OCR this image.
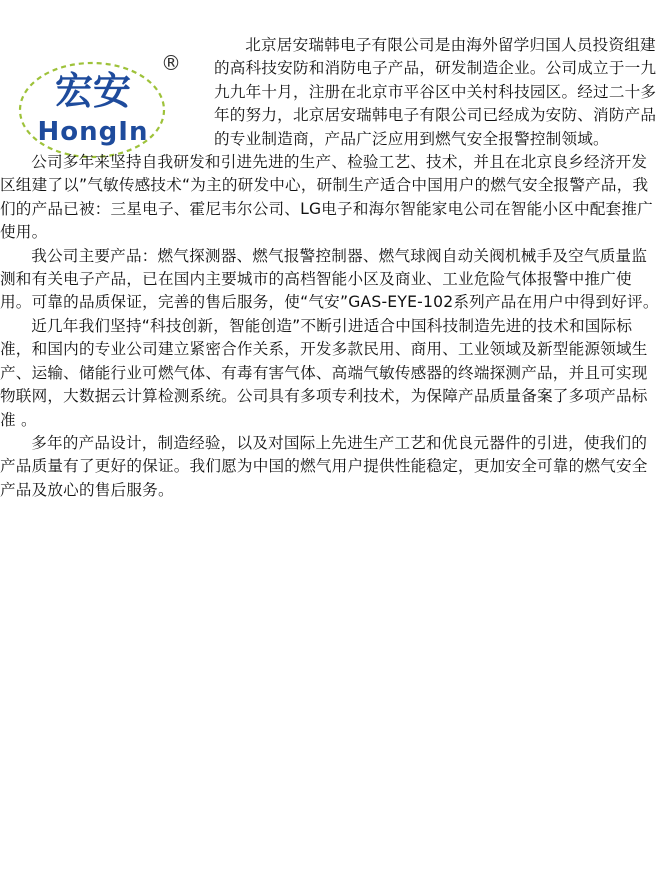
宏安
HongIn
®

北京居安瑞韩电子有限公司是由海外留学归国人员投资组建的高科技安防和消防电子产品，研发制造企业。公司成立于一九九九年十月，注册在北京市平谷区中关村科技园区。经过二十多年的努力，北京居安瑞韩电子有限公司已经成为安防、消防产品的专业制造商，产品广泛应用到燃气安全报警控制领域。

公司多年来坚持自我研发和引进先进的生产、检验工艺、技术，并且在北京良乡经济开发区组建了以”气敏传感技术“为主的研发中心，研制生产适合中国用户的燃气安全报警产品，我们的产品已被：三星电子、霍尼韦尔公司、LG电子和海尔智能家电公司在智能小区中配套推广使用。

我公司主要产品：燃气探测器、燃气报警控制器、燃气球阀自动关阀机械手及空气质量监测和有关电子产品，已在国内主要城市的高档智能小区及商业、工业危险气体报警中推广使用。可靠的品质保证，完善的售后服务，使“气安”GAS-EYE-102系列产品在用户中得到好评。

近几年我们坚持“科技创新，智能创造”不断引进适合中国科技制造先进的技术和国际标准，和国内的专业公司建立紧密合作关系，开发多款民用、商用、工业领域及新型能源领域生产、运输、储能行业可燃气体、有毒有害气体、高端气敏传感器的终端探测产品，并且可实现物联网，大数据云计算检测系统。公司具有多项专利技术，为保障产品质量备案了多项产品标准 。

多年的产品设计，制造经验，以及对国际上先进生产工艺和优良元器件的引进，使我们的产品质量有了更好的保证。我们愿为中国的燃气用户提供性能稳定，更加安全可靠的燃气安全产品及放心的售后服务。
